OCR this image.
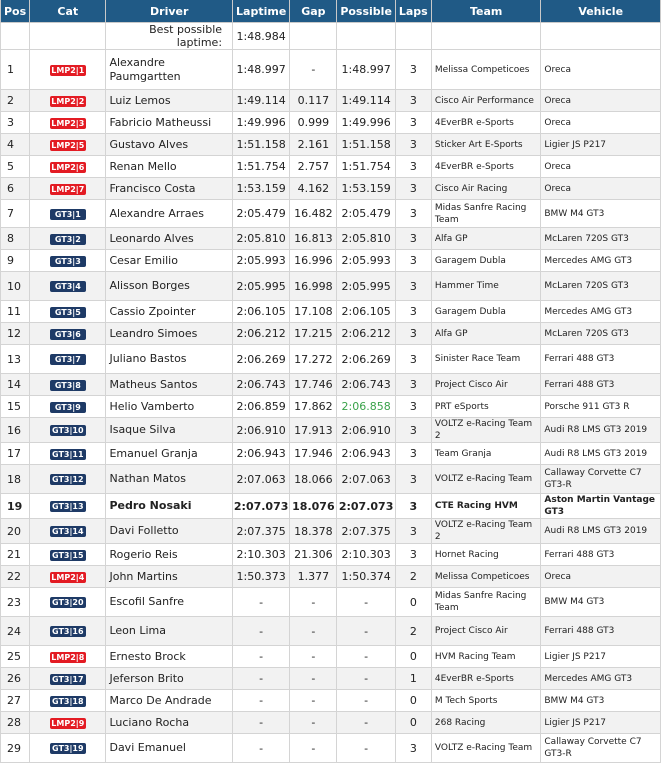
Pos	Cat	Driver	Laptime	Gap	Possible	Laps	Team	Vehicle
		Best possible laptime:	1:48.984					
1	LMP2|1	Alexandre Paumgartten	1:48.997	-	1:48.997	3	Melissa Competicoes	Oreca
2	LMP2|2	Luiz Lemos	1:49.114	0.117	1:49.114	3	Cisco Air Performance	Oreca
3	LMP2|3	Fabricio Matheussi	1:49.996	0.999	1:49.996	3	4EverBR e-Sports	Oreca
4	LMP2|5	Gustavo Alves	1:51.158	2.161	1:51.158	3	Sticker Art E-Sports	Ligier JS P217
5	LMP2|6	Renan Mello	1:51.754	2.757	1:51.754	3	4EverBR e-Sports	Oreca
6	LMP2|7	Francisco Costa	1:53.159	4.162	1:53.159	3	Cisco Air Racing	Oreca
7	GT3|1	Alexandre Arraes	2:05.479	16.482	2:05.479	3	Midas Sanfre Racing Team	BMW M4 GT3
8	GT3|2	Leonardo Alves	2:05.810	16.813	2:05.810	3	Alfa GP	McLaren 720S GT3
9	GT3|3	Cesar Emilio	2:05.993	16.996	2:05.993	3	Garagem Dubla	Mercedes AMG GT3
10	GT3|4	Alisson Borges	2:05.995	16.998	2:05.995	3	Hammer Time	McLaren 720S GT3
11	GT3|5	Cassio Zpointer	2:06.105	17.108	2:06.105	3	Garagem Dubla	Mercedes AMG GT3
12	GT3|6	Leandro Simoes	2:06.212	17.215	2:06.212	3	Alfa GP	McLaren 720S GT3
13	GT3|7	Juliano Bastos	2:06.269	17.272	2:06.269	3	Sinister Race Team	Ferrari 488 GT3
14	GT3|8	Matheus Santos	2:06.743	17.746	2:06.743	3	Project Cisco Air	Ferrari 488 GT3
15	GT3|9	Helio Vamberto	2:06.859	17.862	2:06.858	3	PRT eSports	Porsche 911 GT3 R
16	GT3|10	Isaque Silva	2:06.910	17.913	2:06.910	3	VOLTZ e-Racing Team 2	Audi R8 LMS GT3 2019
17	GT3|11	Emanuel Granja	2:06.943	17.946	2:06.943	3	Team Granja	Audi R8 LMS GT3 2019
18	GT3|12	Nathan Matos	2:07.063	18.066	2:07.063	3	VOLTZ e-Racing Team	Callaway Corvette C7 GT3-R
19	GT3|13	Pedro Nosaki	2:07.073	18.076	2:07.073	3	CTE Racing HVM	Aston Martin Vantage GT3
20	GT3|14	Davi Folletto	2:07.375	18.378	2:07.375	3	VOLTZ e-Racing Team 2	Audi R8 LMS GT3 2019
21	GT3|15	Rogerio Reis	2:10.303	21.306	2:10.303	3	Hornet Racing	Ferrari 488 GT3
22	LMP2|4	John Martins	1:50.373	1.377	1:50.374	2	Melissa Competicoes	Oreca
23	GT3|20	Escofil Sanfre	-	-	-	0	Midas Sanfre Racing Team	BMW M4 GT3
24	GT3|16	Leon Lima	-	-	-	2	Project Cisco Air	Ferrari 488 GT3
25	LMP2|8	Ernesto Brock	-	-	-	0	HVM Racing Team	Ligier JS P217
26	GT3|17	Jeferson Brito	-	-	-	1	4EverBR e-Sports	Mercedes AMG GT3
27	GT3|18	Marco De Andrade	-	-	-	0	M Tech Sports	BMW M4 GT3
28	LMP2|9	Luciano Rocha	-	-	-	0	268 Racing	Ligier JS P217
29	GT3|19	Davi Emanuel	-	-	-	3	VOLTZ e-Racing Team	Callaway Corvette C7 GT3-R
